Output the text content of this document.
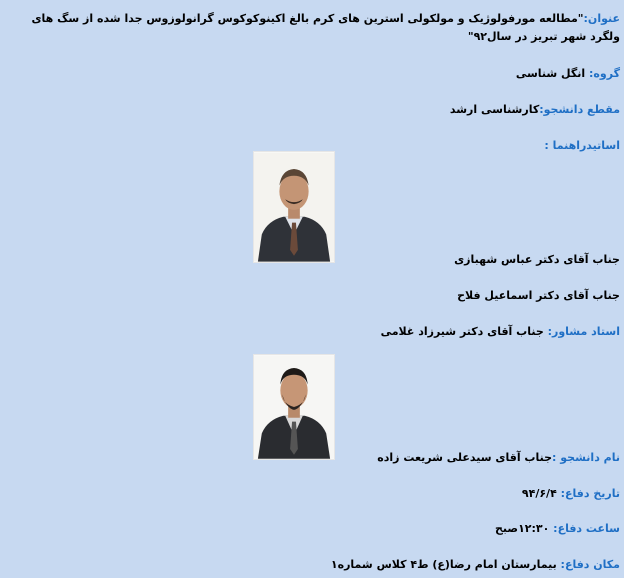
عنوان:"مطالعه مورفولوژیک و مولکولی استرین های کرم بالغ اکینوکوکوس گرانولوزوس جدا شده از سگ های ولگرد شهر تبریز در سال۹۲"
گروه: انگل شناسی
مقطع دانشجو:کارشناسی ارشد
اساتیدراهنما :
جناب آقای دکتر عباس شهبازی
جناب آقای دکتر اسماعیل فلاح
استاد مشاور: جناب آقای دکتر شیرزاد غلامی
نام دانشجو :جناب آقای سیدعلی شریعت زاده
تاریخ دفاع: ۹۴/۶/۴
ساعت دفاع: ۱۲:۳۰صبح
مکان دفاع: بیمارستان امام رضا(ع) ط۴ کلاس شماره۱
